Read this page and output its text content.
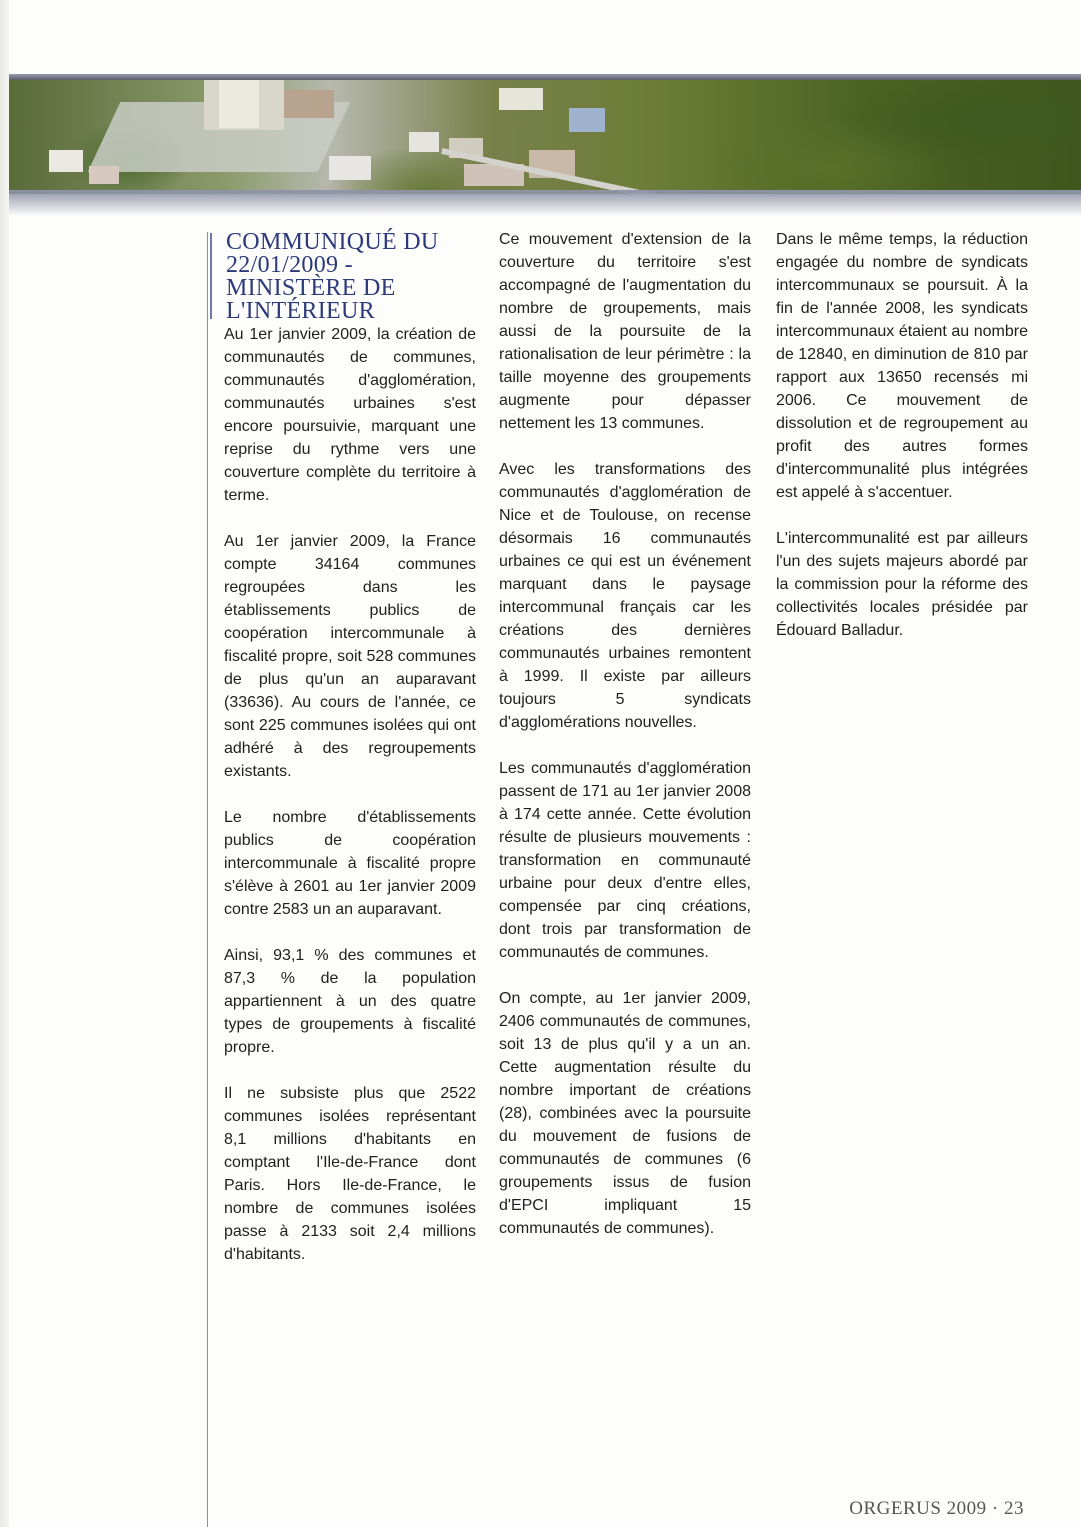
COMMUNIQUÉ DU
22/01/2009 -
MINISTÈRE DE
L'INTÉRIEUR

Au 1er janvier 2009, la création de communautés de communes, communautés d'agglomération, communautés urbaines s'est encore poursuivie, marquant une reprise du rythme vers une couverture complète du territoire à terme.

Au 1er janvier 2009, la France compte 34164 communes regroupées dans les établissements publics de coopération intercommunale à fiscalité propre, soit 528 communes de plus qu'un an auparavant (33636). Au cours de l'année, ce sont 225 communes isolées qui ont adhéré à des regroupements existants.

Le nombre d'établissements publics de coopération intercommunale à fiscalité propre s'élève à 2601 au 1er janvier 2009 contre 2583 un an auparavant.

Ainsi, 93,1 % des communes et 87,3 % de la population appartiennent à un des quatre types de groupements à fiscalité propre.

Il ne subsiste plus que 2522 communes isolées représentant 8,1 millions d'habitants en comptant l'Ile-de-France dont Paris. Hors Ile-de-France, le nombre de communes isolées passe à 2133 soit 2,4 millions d'habitants.

Ce mouvement d'extension de la couverture du territoire s'est accompagné de l'augmentation du nombre de groupements, mais aussi de la poursuite de la rationalisation de leur périmètre : la taille moyenne des groupements augmente pour dépasser nettement les 13 communes.

Avec les transformations des communautés d'agglomération de Nice et de Toulouse, on recense désormais 16 communautés urbaines ce qui est un événement marquant dans le paysage intercommunal français car les créations des dernières communautés urbaines remontent à 1999. Il existe par ailleurs toujours 5 syndicats d'agglomérations nouvelles.

Les communautés d'agglomération passent de 171 au 1er janvier 2008 à 174 cette année. Cette évolution résulte de plusieurs mouvements : transformation en communauté urbaine pour deux d'entre elles, compensée par cinq créations, dont trois par transformation de communautés de communes.

On compte, au 1er janvier 2009, 2406 communautés de communes, soit 13 de plus qu'il y a un an. Cette augmentation résulte du nombre important de créations (28), combinées avec la poursuite du mouvement de fusions de communautés de communes (6 groupements issus de fusion d'EPCI impliquant 15 communautés de communes).

Dans le même temps, la réduction engagée du nombre de syndicats intercommunaux se poursuit. À la fin de l'année 2008, les syndicats intercommunaux étaient au nombre de 12840, en diminution de 810 par rapport aux 13650 recensés mi 2006. Ce mouvement de dissolution et de regroupement au profit des autres formes d'intercommunalité plus intégrées est appelé à s'accentuer.

L'intercommunalité est par ailleurs l'un des sujets majeurs abordé par la commission pour la réforme des collectivités locales présidée par Édouard Balladur.

ORGERUS 2009 · 23
